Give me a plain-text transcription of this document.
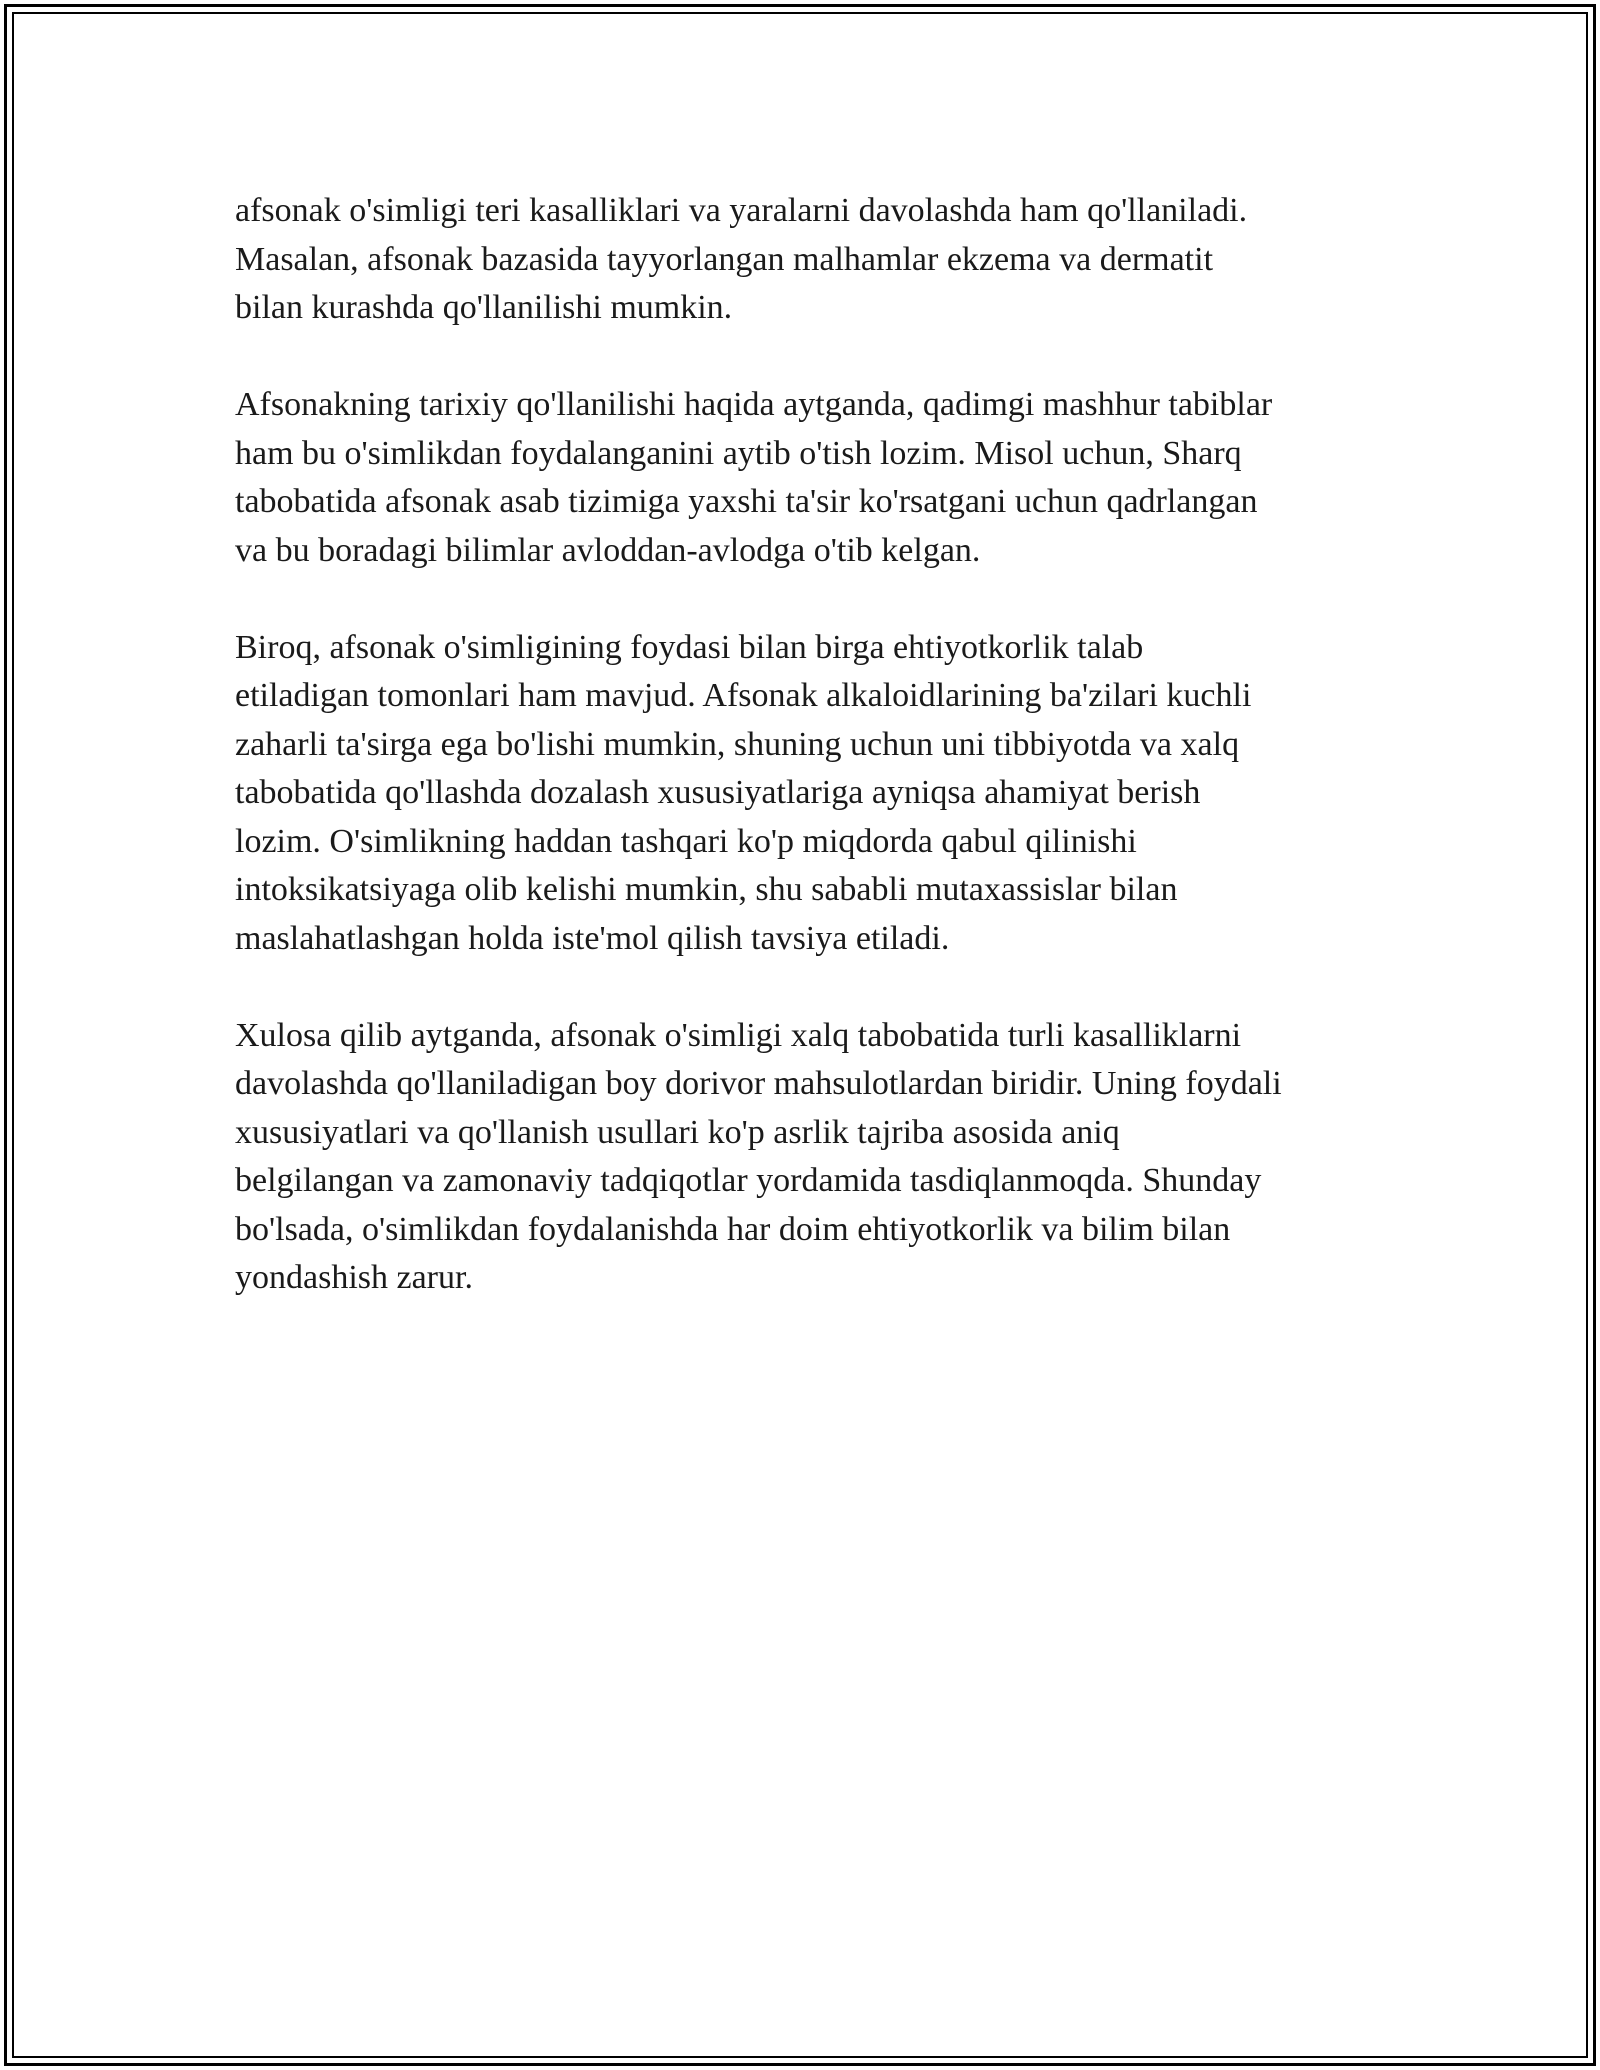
afsonak o'simligi teri kasalliklari va yaralarni davolashda ham qo'llaniladi.
Masalan, afsonak bazasida tayyorlangan malhamlar ekzema va dermatit
bilan kurashda qo'llanilishi mumkin.

Afsonakning tarixiy qo'llanilishi haqida aytganda, qadimgi mashhur tabiblar
ham bu o'simlikdan foydalanganini aytib o'tish lozim. Misol uchun, Sharq
tabobatida afsonak asab tizimiga yaxshi ta'sir ko'rsatgani uchun qadrlangan
va bu boradagi bilimlar avloddan-avlodga o'tib kelgan.

Biroq, afsonak o'simligining foydasi bilan birga ehtiyotkorlik talab
etiladigan tomonlari ham mavjud. Afsonak alkaloidlarining ba'zilari kuchli
zaharli ta'sirga ega bo'lishi mumkin, shuning uchun uni tibbiyotda va xalq
tabobatida qo'llashda dozalash xususiyatlariga ayniqsa ahamiyat berish
lozim. O'simlikning haddan tashqari ko'p miqdorda qabul qilinishi
intoksikatsiyaga olib kelishi mumkin, shu sababli mutaxassislar bilan
maslahatlashgan holda iste'mol qilish tavsiya etiladi.

Xulosa qilib aytganda, afsonak o'simligi xalq tabobatida turli kasalliklarni
davolashda qo'llaniladigan boy dorivor mahsulotlardan biridir. Uning foydali
xususiyatlari va qo'llanish usullari ko'p asrlik tajriba asosida aniq
belgilangan va zamonaviy tadqiqotlar yordamida tasdiqlanmoqda. Shunday
bo'lsada, o'simlikdan foydalanishda har doim ehtiyotkorlik va bilim bilan
yondashish zarur.
